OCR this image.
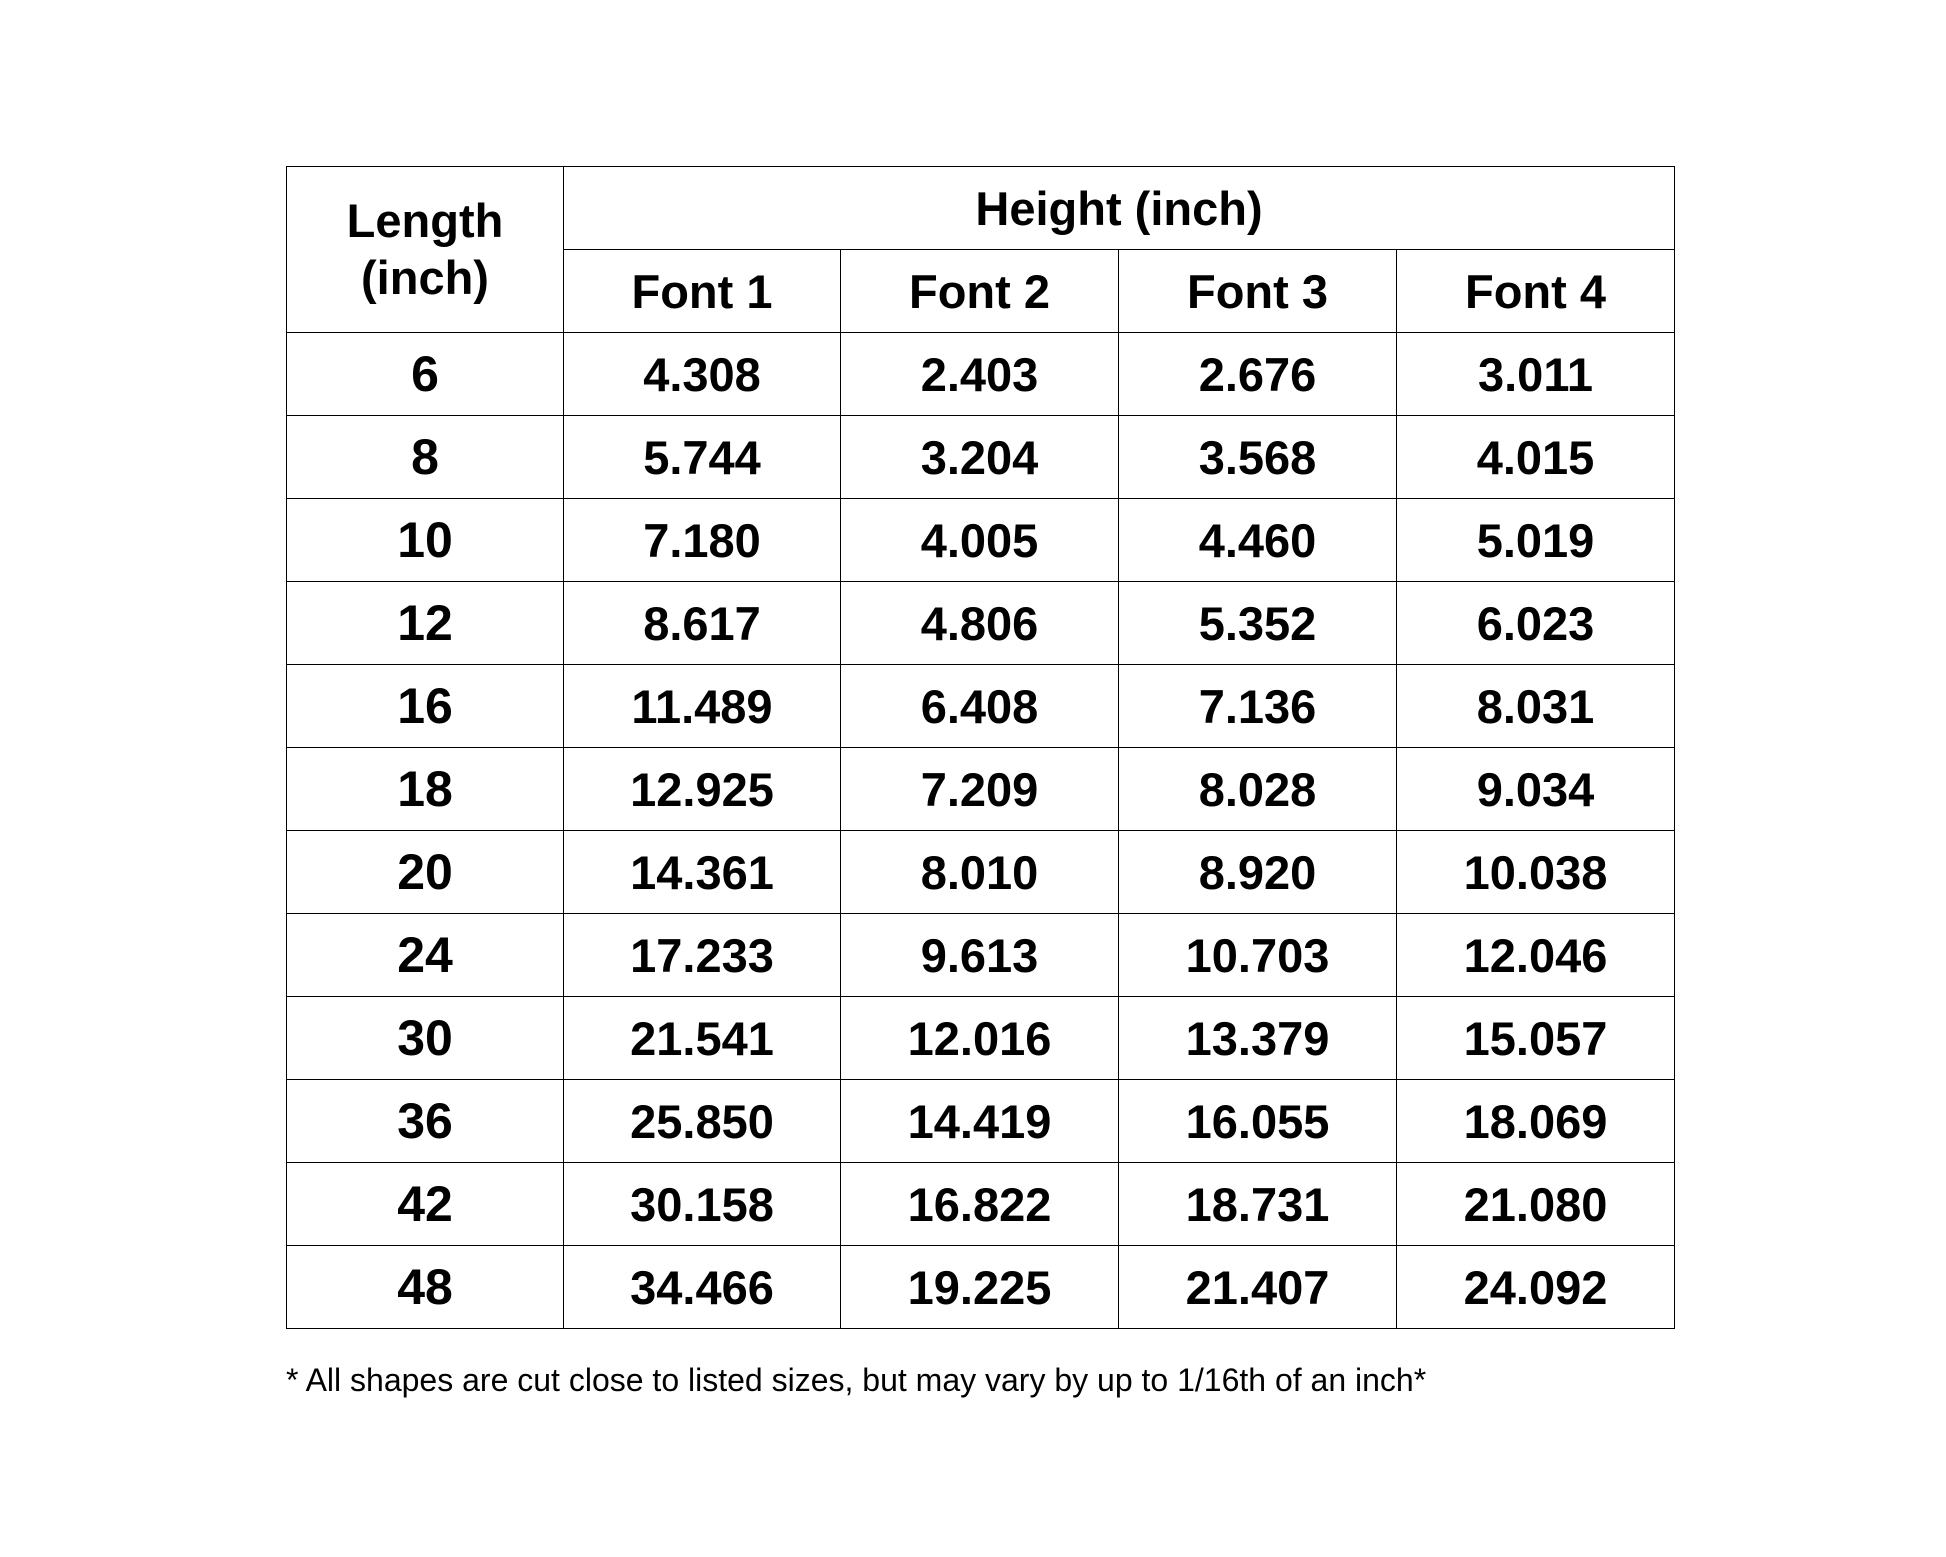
Length (inch)	Height (inch)			
	Font 1	Font 2	Font 3	Font 4
6	4.308	2.403	2.676	3.011
8	5.744	3.204	3.568	4.015
10	7.180	4.005	4.460	5.019
12	8.617	4.806	5.352	6.023
16	11.489	6.408	7.136	8.031
18	12.925	7.209	8.028	9.034
20	14.361	8.010	8.920	10.038
24	17.233	9.613	10.703	12.046
30	21.541	12.016	13.379	15.057
36	25.850	14.419	16.055	18.069
42	30.158	16.822	18.731	21.080
48	34.466	19.225	21.407	24.092
* All shapes are cut close to listed sizes, but may vary by up to 1/16th of an inch*
